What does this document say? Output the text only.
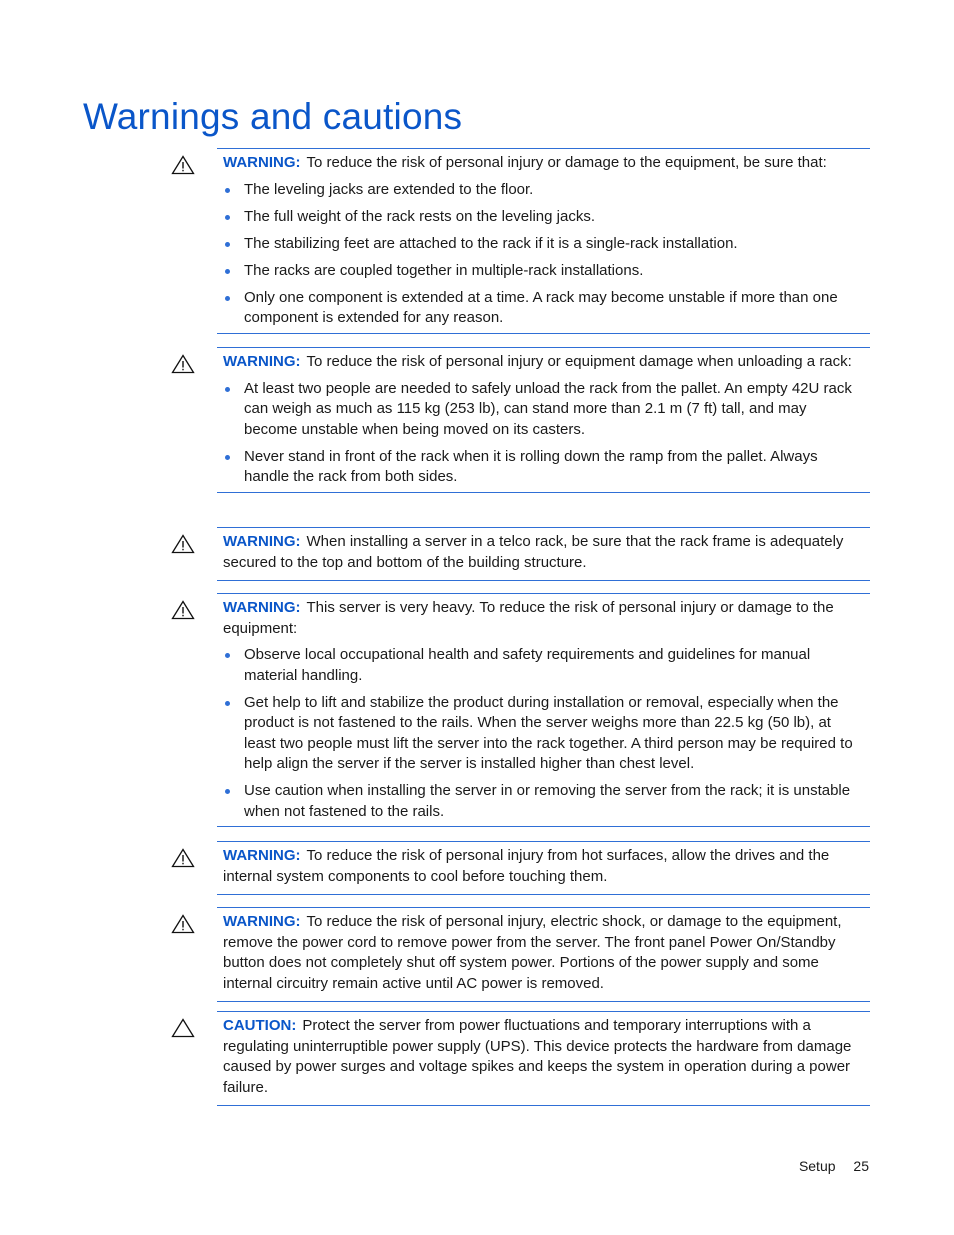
Warnings and cautions

WARNING: To reduce the risk of personal injury or damage to the equipment, be sure that:

The leveling jacks are extended to the floor.
The full weight of the rack rests on the leveling jacks.
The stabilizing feet are attached to the rack if it is a single-rack installation.
The racks are coupled together in multiple-rack installations.
Only one component is extended at a time. A rack may become unstable if more than one component is extended for any reason.

WARNING: To reduce the risk of personal injury or equipment damage when unloading a rack:

At least two people are needed to safely unload the rack from the pallet. An empty 42U rack can weigh as much as 115 kg (253 lb), can stand more than 2.1 m (7 ft) tall, and may become unstable when being moved on its casters.
Never stand in front of the rack when it is rolling down the ramp from the pallet. Always handle the rack from both sides.

WARNING: When installing a server in a telco rack, be sure that the rack frame is adequately secured to the top and bottom of the building structure.

WARNING: This server is very heavy. To reduce the risk of personal injury or damage to the equipment:

Observe local occupational health and safety requirements and guidelines for manual material handling.
Get help to lift and stabilize the product during installation or removal, especially when the product is not fastened to the rails. When the server weighs more than 22.5 kg (50 lb), at least two people must lift the server into the rack together. A third person may be required to help align the server if the server is installed higher than chest level.
Use caution when installing the server in or removing the server from the rack; it is unstable when not fastened to the rails.

WARNING: To reduce the risk of personal injury from hot surfaces, allow the drives and the internal system components to cool before touching them.

WARNING: To reduce the risk of personal injury, electric shock, or damage to the equipment, remove the power cord to remove power from the server. The front panel Power On/Standby button does not completely shut off system power. Portions of the power supply and some internal circuitry remain active until AC power is removed.

CAUTION: Protect the server from power fluctuations and temporary interruptions with a regulating uninterruptible power supply (UPS). This device protects the hardware from damage caused by power surges and voltage spikes and keeps the system in operation during a power failure.

Setup 25
